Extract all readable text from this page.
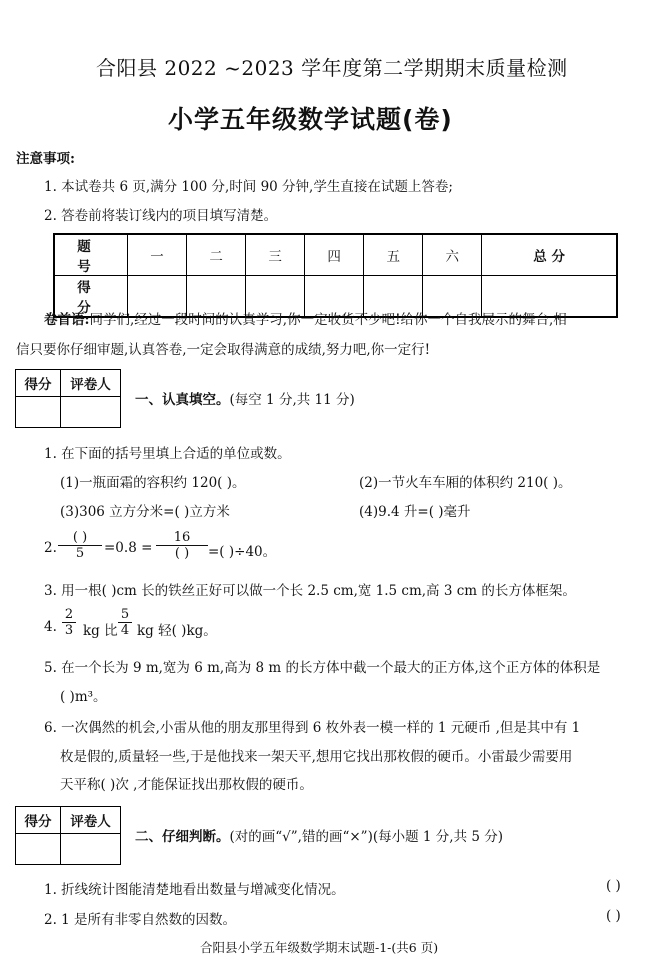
合阳县 2022 ~2023 学年度第二学期期末质量检测
小学五年级数学试题(卷)
注意事项:
1. 本试卷共 6 页,满分 100 分,时间 90 分钟,学生直接在试题上答卷;
2. 答卷前将装订线内的项目填写清楚。
题 号	一	二	三	四	五	六	总 分
得 分							
卷首语:同学们,经过一段时间的认真学习,你一定收货不少吧!给你一个自我展示的舞台,相
信只要你仔细审题,认真答卷,一定会取得满意的成绩,努力吧,你一定行!
得分	评卷人

一、认真填空。(每空 1 分,共 11 分)
1. 在下面的括号里填上合适的单位或数。
(1)一瓶面霜的容积约 120( )。	(2)一节火车车厢的体积约 210( )。
(3)306 立方分米=( )立方米	(4)9.4 升=( )毫升
2.
( )
5	=0.8 =
16
( )	=( )÷40。
3. 用一根( )cm 长的铁丝正好可以做一个长 2.5 cm,宽 1.5 cm,高 3 cm 的长方体框架。
4. $\frac{2}{3}$ kg 比 $\frac{5}{4}$ kg 轻( )kg。
5. 在一个长为 9 m,宽为 6 m,高为 8 m 的长方体中截一个最大的正方体,这个正方体的体积是
( )m³。
6. 一次偶然的机会,小雷从他的朋友那里得到 6 枚外表一模一样的 1 元硬币 ,但是其中有 1
枚是假的,质量轻一些,于是他找来一架天平,想用它找出那枚假的硬币。小雷最少需要用
天平称( )次 ,才能保证找出那枚假的硬币。
得分	评卷人

二、仔细判断。(对的画“√”,错的画“×”)(每小题 1 分,共 5 分)
1. 折线统计图能清楚地看出数量与增减变化情况。	( )
2. 1 是所有非零自然数的因数。	( )
合阳县小学五年级数学期末试题-1-(共6 页)
